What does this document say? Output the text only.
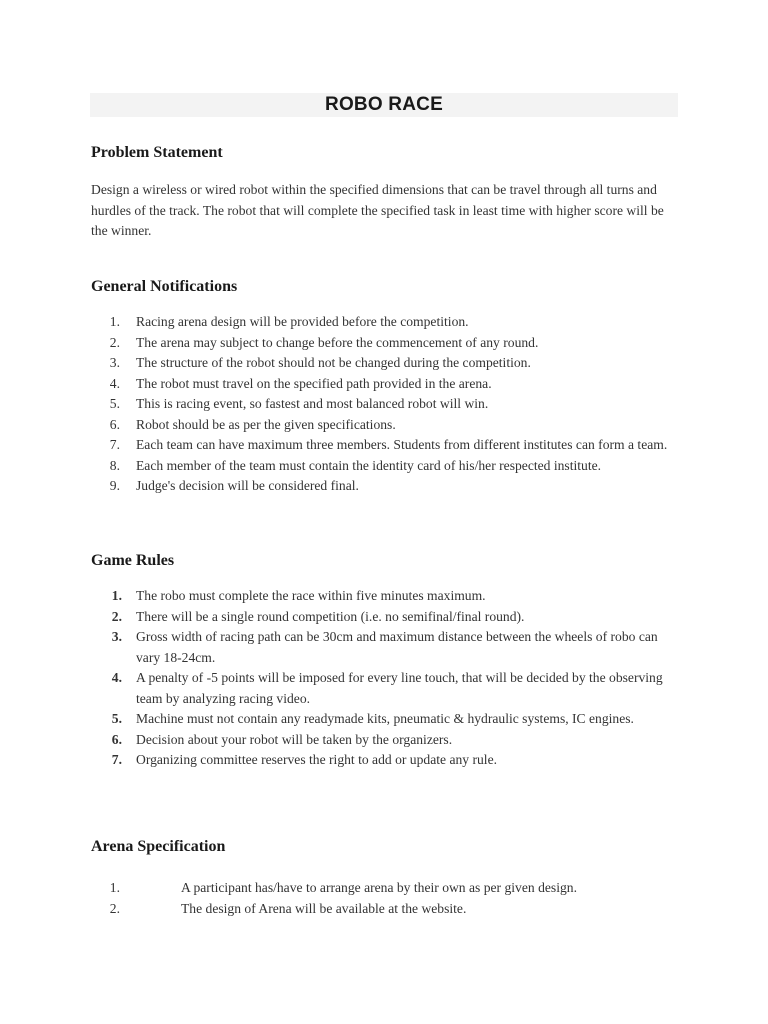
ROBO RACE
Problem Statement

Design a wireless or wired robot within the specified dimensions that can be travel through all turns and hurdles of the track. The robot that will complete the specified task in least time with higher score will be the winner.

General Notifications
1. Racing arena design will be provided before the competition.
2. The arena may subject to change before the commencement of any round.
3. The structure of the robot should not be changed during the competition.
4. The robot must travel on the specified path provided in the arena.
5. This is racing event, so fastest and most balanced robot will win.
6. Robot should be as per the given specifications.
7. Each team can have maximum three members. Students from different institutes can form a team.
8. Each member of the team must contain the identity card of his/her respected institute.
9. Judge's decision will be considered final.
Game Rules
1. The robo must complete the race within five minutes maximum.
2. There will be a single round competition (i.e. no semifinal/final round).
3. Gross width of racing path can be 30cm and maximum distance between the wheels of robo can vary 18-24cm.
4. A penalty of -5 points will be imposed for every line touch, that will be decided by the observing team by analyzing racing video.
5. Machine must not contain any readymade kits, pneumatic & hydraulic systems, IC engines.
6. Decision about your robot will be taken by the organizers.
7. Organizing committee reserves the right to add or update any rule.
Arena Specification
1.	A participant has/have to arrange arena by their own as per given design.
2.	The design of Arena will be available at the website.
